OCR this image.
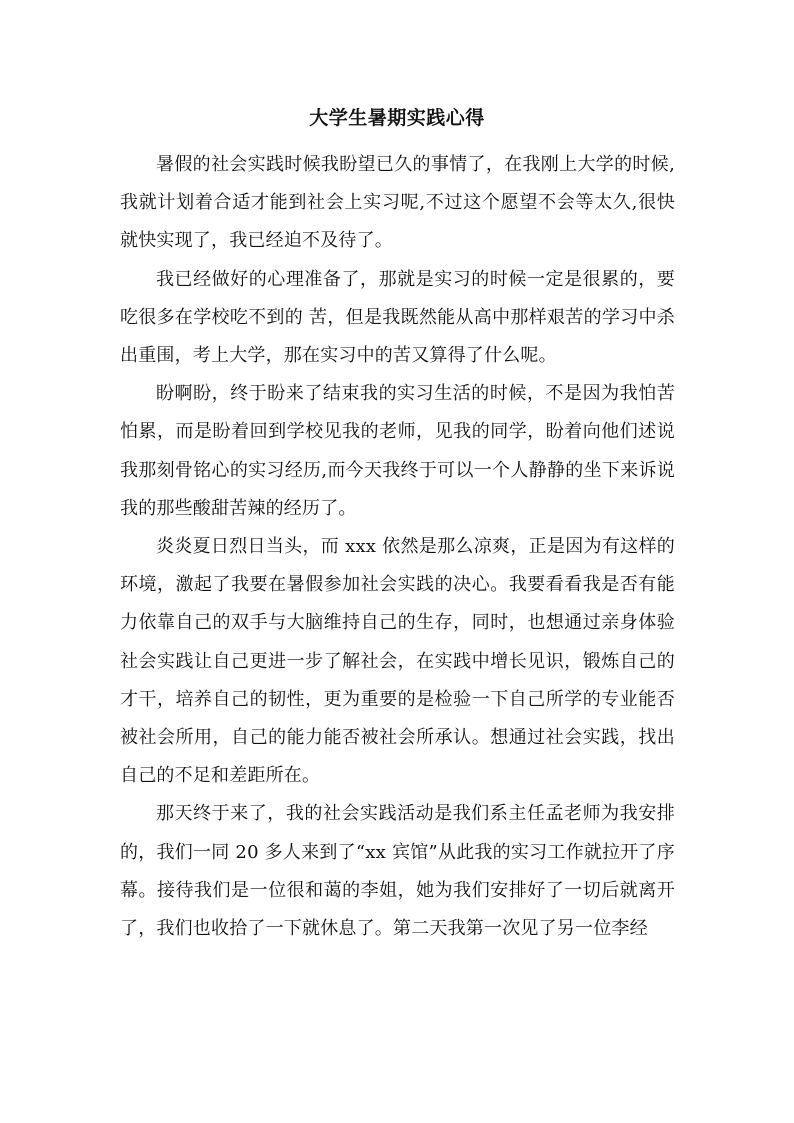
大学生暑期实践心得

暑假的社会实践时候我盼望已久的事情了，在我刚上大学的时候,我就计划着合适才能到社会上实习呢,不过这个愿望不会等太久,很快就快实现了，我已经迫不及待了。

我已经做好的心理准备了，那就是实习的时候一定是很累的，要吃很多在学校吃不到的 苦，但是我既然能从高中那样艰苦的学习中杀出重围，考上大学，那在实习中的苦又算得了什么呢。

盼啊盼，终于盼来了结束我的实习生活的时候，不是因为我怕苦怕累，而是盼着回到学校见我的老师，见我的同学，盼着向他们述说我那刻骨铭心的实习经历,而今天我终于可以一个人静静的坐下来诉说我的那些酸甜苦辣的经历了。

炎炎夏日烈日当头，而 xxx 依然是那么凉爽，正是因为有这样的环境，激起了我要在暑假参加社会实践的决心。我要看看我是否有能力依靠自己的双手与大脑维持自己的生存，同时，也想通过亲身体验社会实践让自己更进一步了解社会，在实践中增长见识，锻炼自己的才干，培养自己的韧性，更为重要的是检验一下自己所学的专业能否被社会所用，自己的能力能否被社会所承认。想通过社会实践，找出自己的不足和差距所在。

那天终于来了，我的社会实践活动是我们系主任孟老师为我安排的，我们一同 20 多人来到了“xx 宾馆”从此我的实习工作就拉开了序幕。接待我们是一位很和蔼的李姐，她为我们安排好了一切后就离开了，我们也收拾了一下就休息了。第二天我第一次见了另一位李经
